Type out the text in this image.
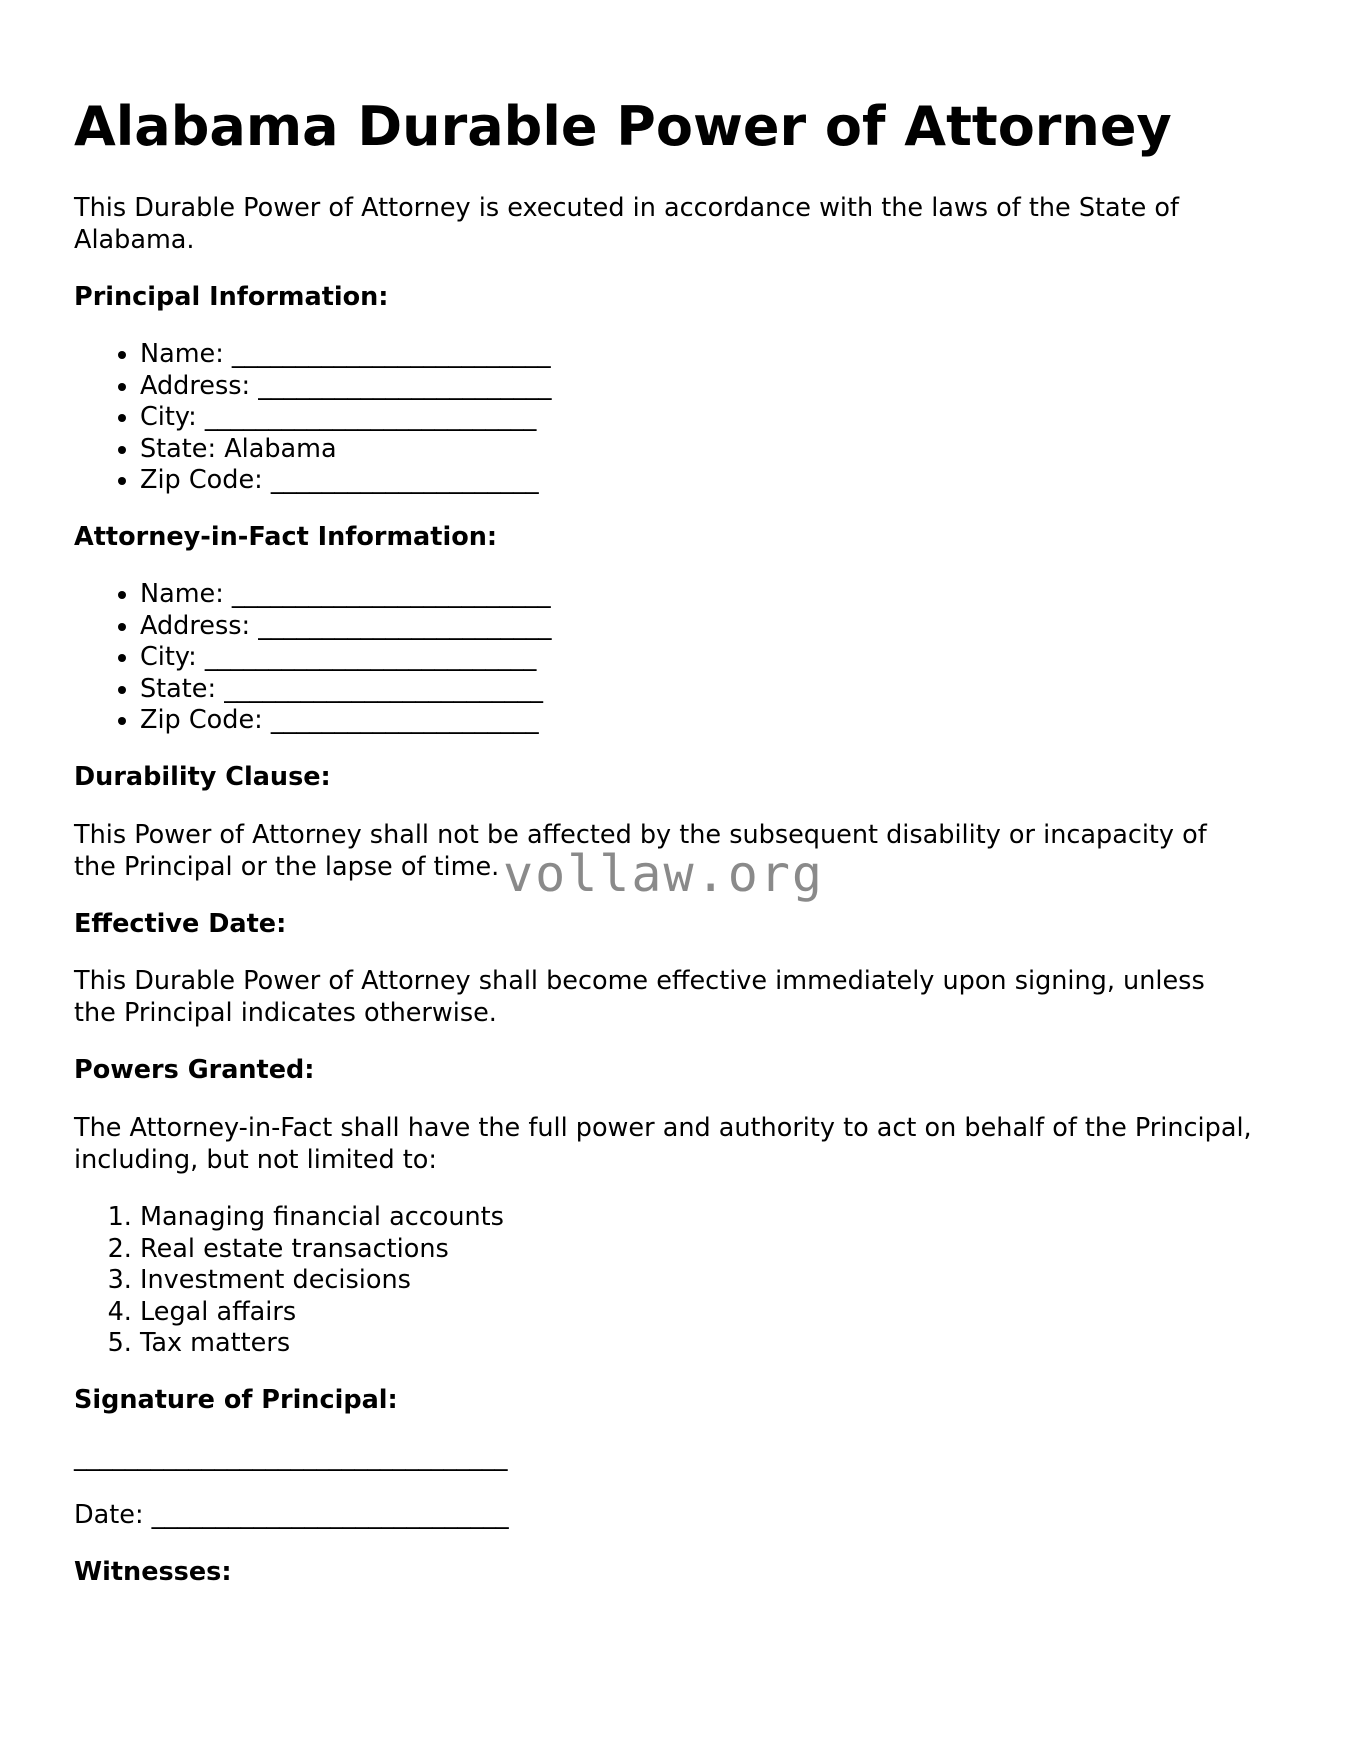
Alabama Durable Power of Attorney

This Durable Power of Attorney is executed in accordance with the laws of the State of Alabama.

Principal Information:

• Name: _________________________
• Address: _______________________
• City: __________________________
• State: Alabama
• Zip Code: _____________________

Attorney-in-Fact Information:

• Name: _________________________
• Address: _______________________
• City: __________________________
• State: _________________________
• Zip Code: _____________________

Durability Clause:

This Power of Attorney shall not be affected by the subsequent disability or incapacity of the Principal or the lapse of time.

Effective Date:

This Durable Power of Attorney shall become effective immediately upon signing, unless the Principal indicates otherwise.

Powers Granted:

The Attorney-in-Fact shall have the full power and authority to act on behalf of the Principal, including, but not limited to:

1. Managing financial accounts
2. Real estate transactions
3. Investment decisions
4. Legal affairs
5. Tax matters

Signature of Principal:

__________________________________

Date: ____________________________

Witnesses:

vollaw.org
